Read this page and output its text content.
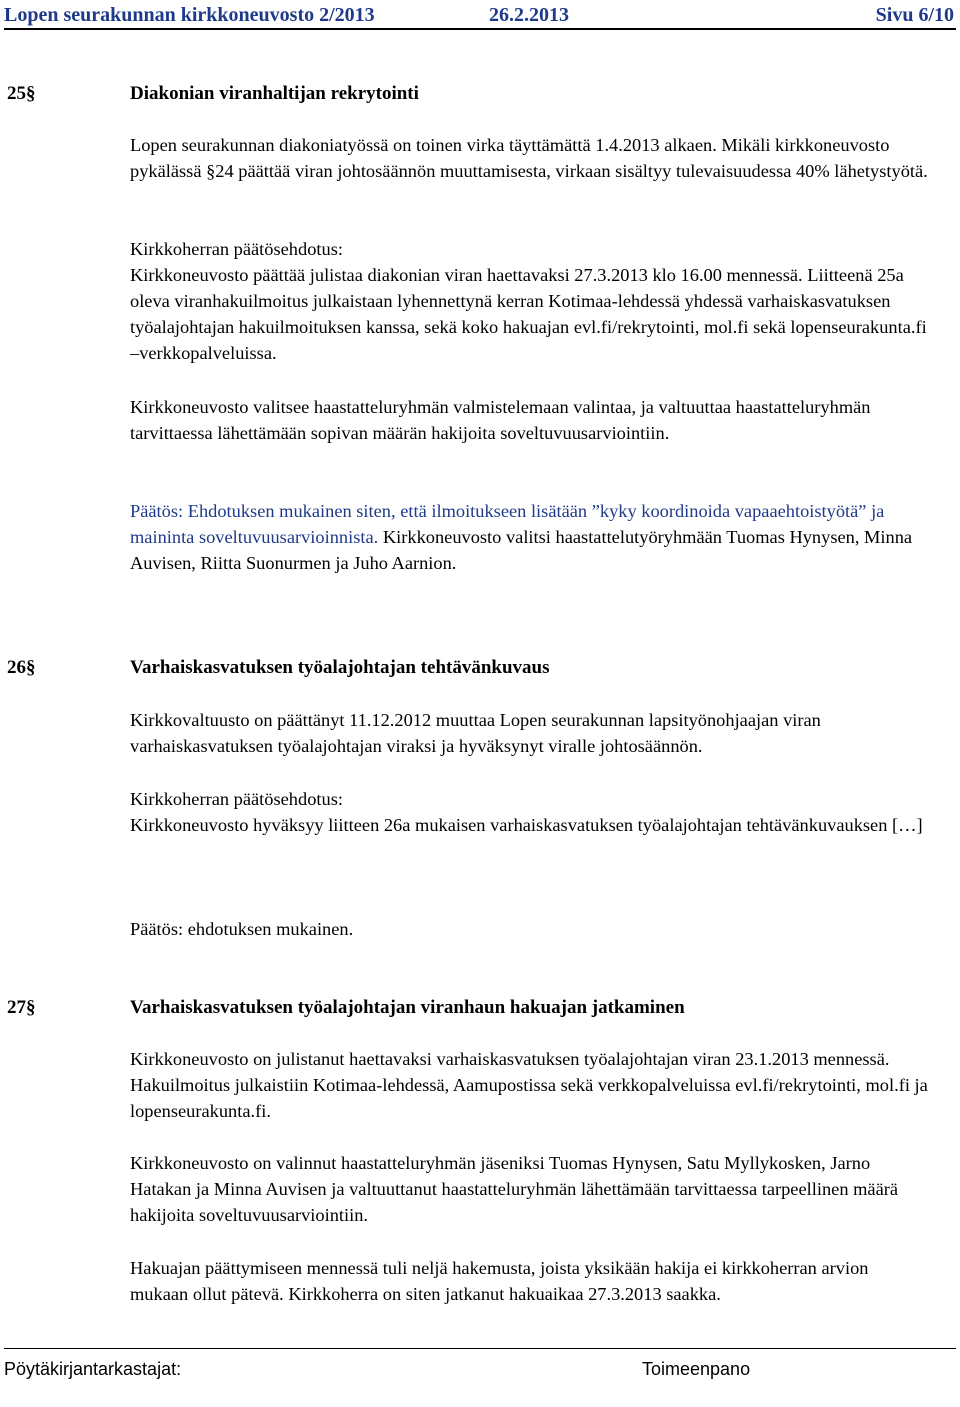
Lopen seurakunnan kirkkoneuvosto 2/2013	26.2.2013	Sivu 6/10
25§	Diakonian viranhaltijan rekrytointi
Lopen seurakunnan diakoniatyössä on toinen virka täyttämättä 1.4.2013 alkaen. Mikäli kirkkoneuvosto pykälässä §24 päättää viran johtosäännön muuttamisesta, virkaan sisältyy tulevaisuudessa 40% lähetystyötä.

Kirkkoherran päätösehdotus:

Kirkkoneuvosto päättää julistaa diakonian viran haettavaksi 27.3.2013 klo 16.00 mennessä. Liitteenä 25a oleva viranhakuilmoitus julkaistaan lyhennettynä kerran Kotimaa-lehdessä yhdessä varhaiskasvatuksen työalajohtajan hakuilmoituksen kanssa, sekä koko hakuajan evl.fi/rekrytointi, mol.fi sekä lopenseurakunta.fi –verkkopalveluissa.

Kirkkoneuvosto valitsee haastatteluryhmän valmistelemaan valintaa, ja valtuuttaa haastatteluryhmän tarvittaessa lähettämään sopivan määrän hakijoita soveltuvuusarviointiin.
Päätös: Ehdotuksen mukainen siten, että ilmoitukseen lisätään ”kyky koordinoida vapaaehtoistyötä” ja maininta soveltuvuusarvioinnista. Kirkkoneuvosto valitsi haastattelutyöryhmään Tuomas Hynysen, Minna Auvisen, Riitta Suonurmen ja Juho Aarnion.
26§	Varhaiskasvatuksen työalajohtajan tehtävänkuvaus
Kirkkovaltuusto on päättänyt 11.12.2012 muuttaa Lopen seurakunnan lapsityönohjaajan viran varhaiskasvatuksen työalajohtajan viraksi ja hyväksynyt viralle johtosäännön.

Kirkkoherran päätösehdotus:

Kirkkoneuvosto hyväksyy liitteen 26a mukaisen varhaiskasvatuksen työalajohtajan tehtävänkuvauksen […]

Päätös: ehdotuksen mukainen.
27§	Varhaiskasvatuksen työalajohtajan viranhaun hakuajan jatkaminen
Kirkkoneuvosto on julistanut haettavaksi varhaiskasvatuksen työalajohtajan viran 23.1.2013 mennessä. Hakuilmoitus julkaistiin Kotimaa-lehdessä, Aamupostissa sekä verkkopalveluissa evl.fi/rekrytointi, mol.fi ja lopenseurakunta.fi.
Kirkkoneuvosto on valinnut haastatteluryhmän jäseniksi Tuomas Hynysen, Satu Myllykosken, Jarno Hatakan ja Minna Auvisen ja valtuuttanut haastatteluryhmän lähettämään tarvittaessa tarpeellinen määrä hakijoita soveltuvuusarviointiin.
Hakuajan päättymiseen mennessä tuli neljä hakemusta, joista yksikään hakija ei kirkkoherran arvion mukaan ollut pätevä. Kirkkoherra on siten jatkanut hakuaikaa 27.3.2013 saakka.
Pöytäkirjantarkastajat:	Toimeenpano
